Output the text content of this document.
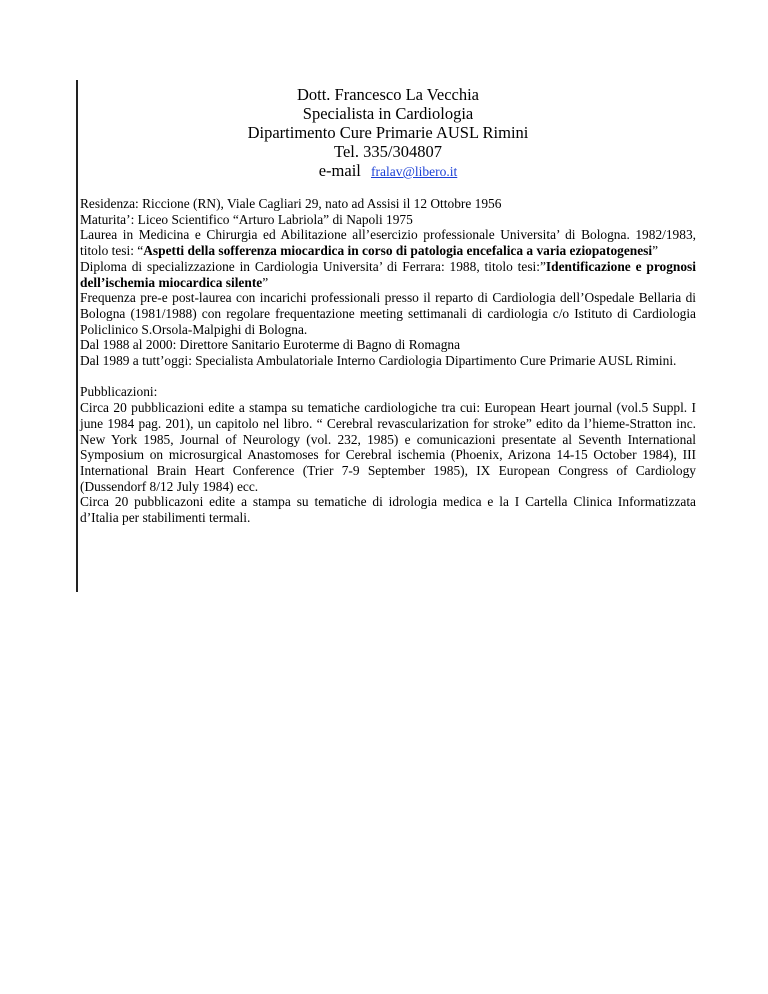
Dott. Francesco La Vecchia
Specialista in Cardiologia
Dipartimento Cure Primarie AUSL Rimini
Tel. 335/304807
e-mail fralav@libero.it

Residenza: Riccione (RN), Viale Cagliari 29, nato ad Assisi il 12 Ottobre 1956

Maturita’: Liceo Scientifico “Arturo Labriola” di Napoli 1975

Laurea in Medicina e Chirurgia ed Abilitazione all’esercizio professionale Universita’ di Bologna. 1982/1983, titolo tesi: “Aspetti della sofferenza miocardica in corso di patologia encefalica a varia eziopatogenesi”

Diploma di specializzazione in Cardiologia Universita’ di Ferrara: 1988, titolo tesi:”Identificazione e prognosi dell’ischemia miocardica silente”

Frequenza pre-e post-laurea con incarichi professionali presso il reparto di Cardiologia dell’Ospedale Bellaria di Bologna (1981/1988) con regolare frequentazione meeting settimanali di cardiologia c/o Istituto di Cardiologia Policlinico S.Orsola-Malpighi di Bologna.

Dal 1988 al 2000: Direttore Sanitario Euroterme di Bagno di Romagna

Dal 1989 a tutt’oggi: Specialista Ambulatoriale Interno Cardiologia Dipartimento Cure Primarie AUSL Rimini.

Pubblicazioni:

Circa 20 pubblicazioni edite a stampa su tematiche cardiologiche tra cui: European Heart journal (vol.5 Suppl. I june 1984 pag. 201), un capitolo nel libro. “ Cerebral revascularization for stroke” edito da l’hieme-Stratton inc. New York 1985, Journal of Neurology (vol. 232, 1985) e comunicazioni presentate al Seventh International Symposium on microsurgical Anastomoses for Cerebral ischemia (Phoenix, Arizona 14-15 October 1984), III International Brain Heart Conference (Trier 7-9 September 1985), IX European Congress of Cardiology (Dussendorf 8/12 July 1984) ecc.

Circa 20 pubblicazoni edite a stampa su tematiche di idrologia medica e la I Cartella Clinica Informatizzata d’Italia per stabilimenti termali.
